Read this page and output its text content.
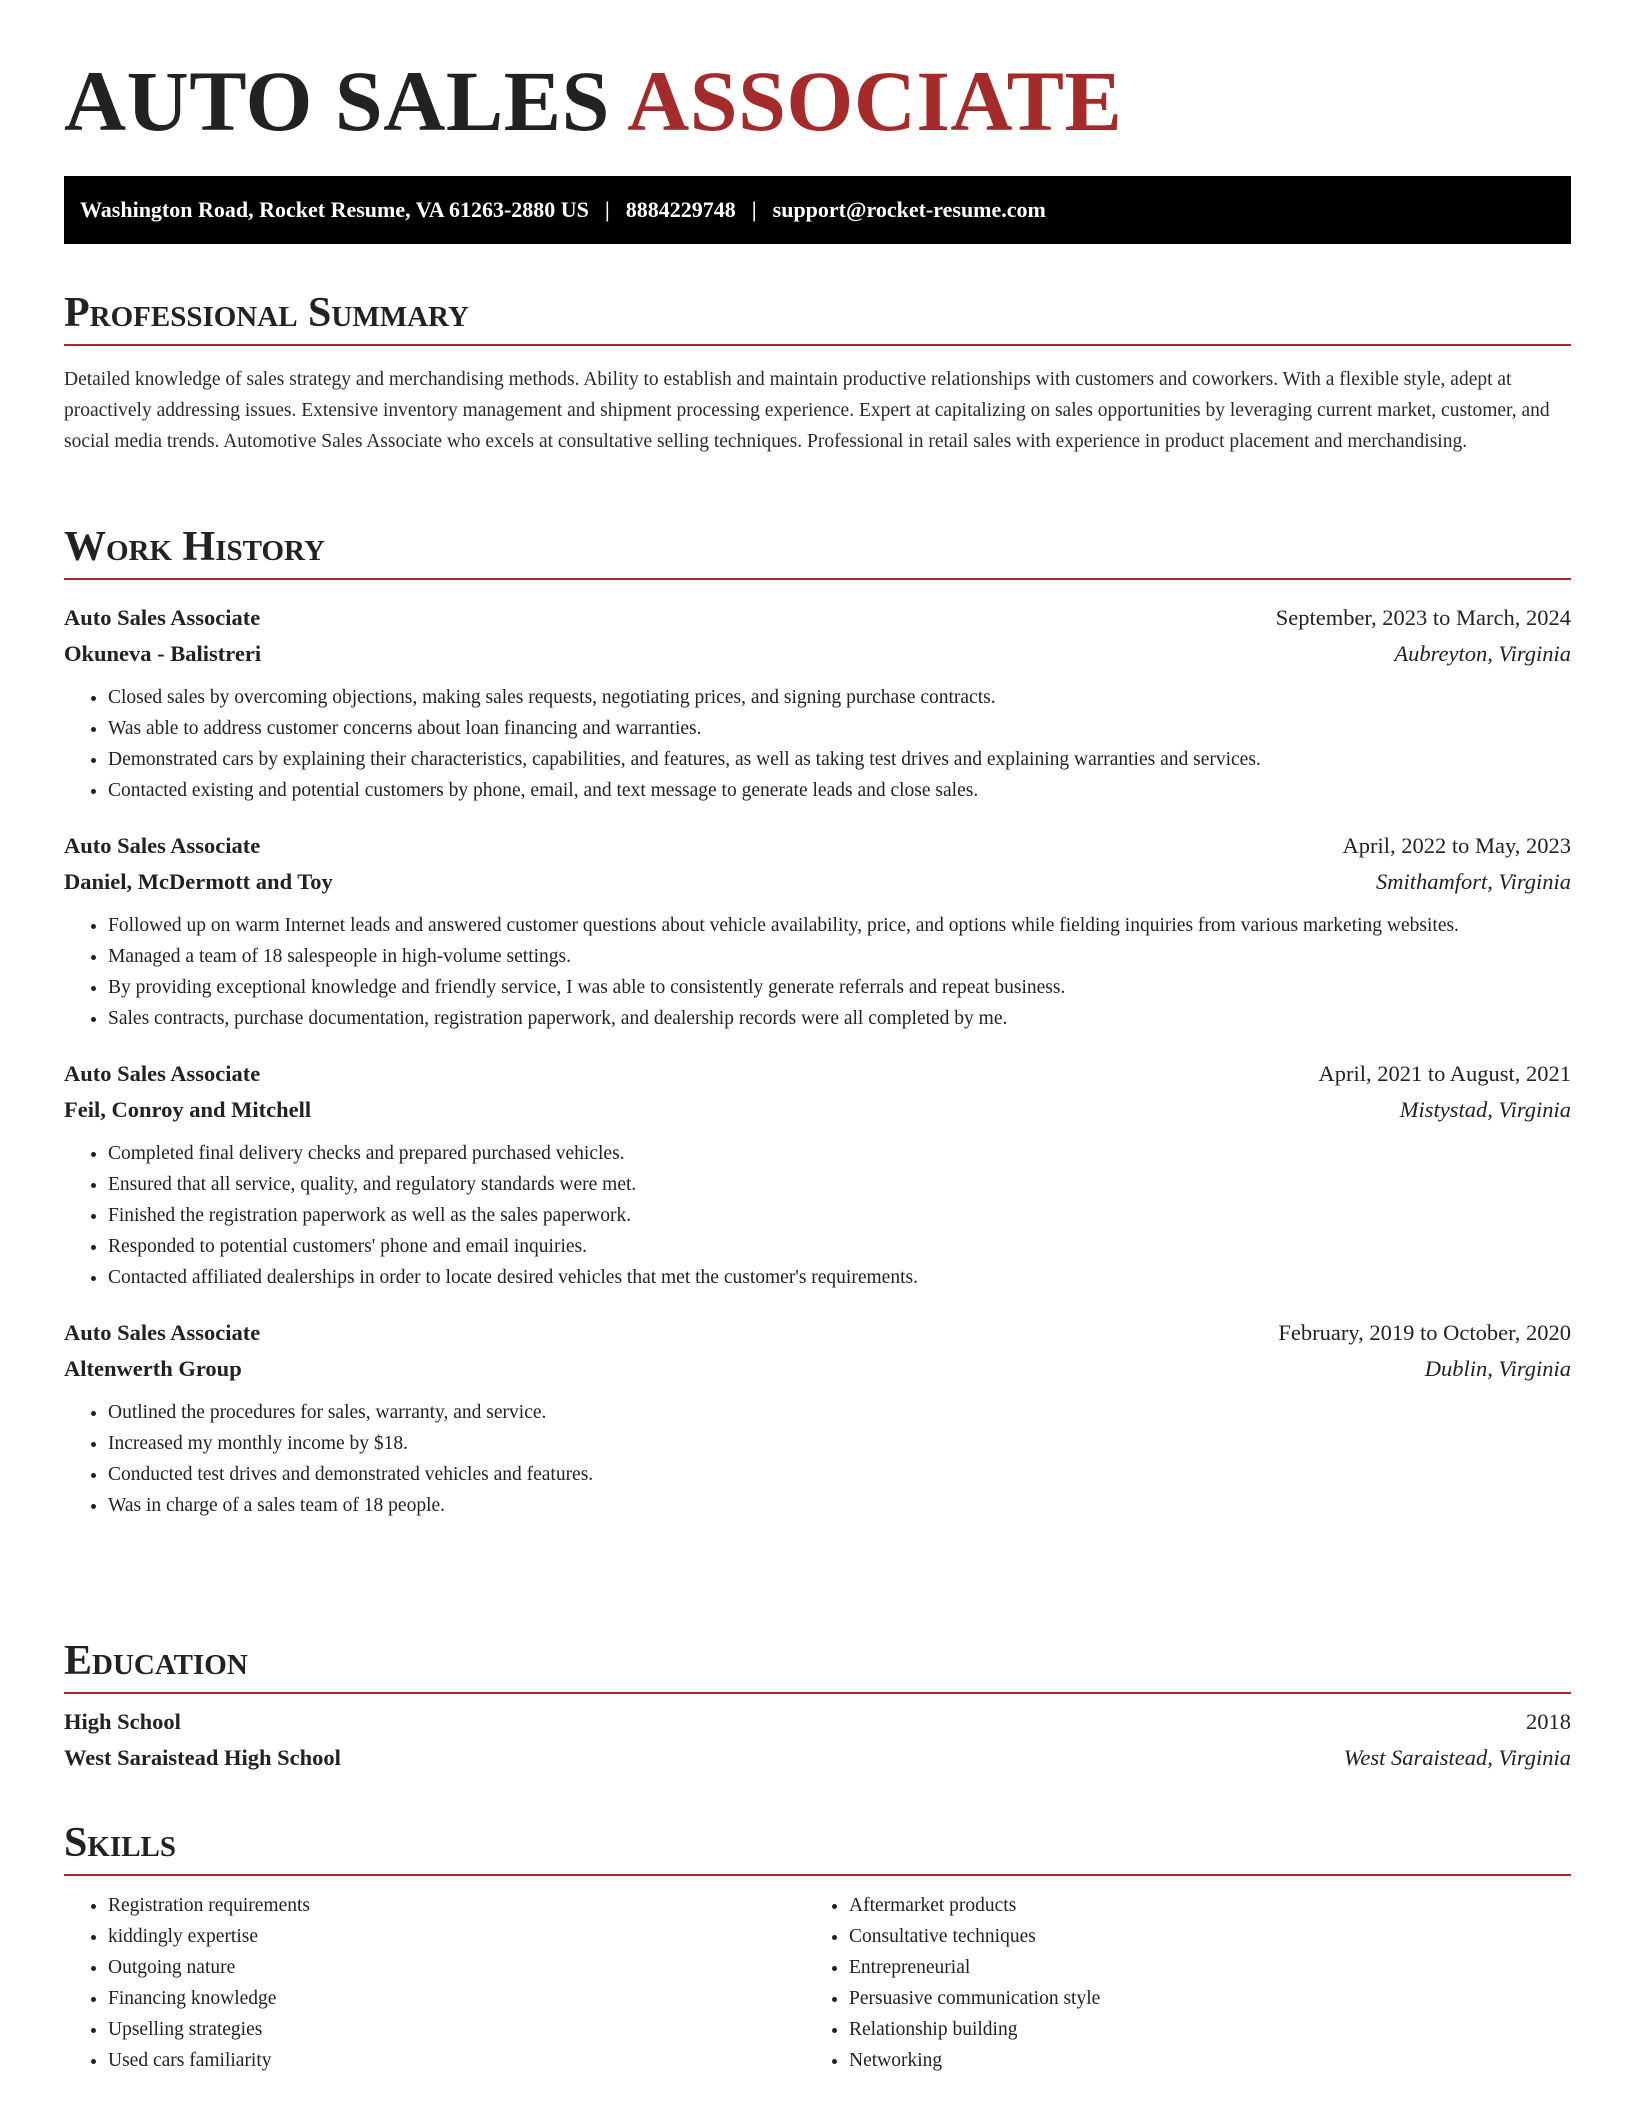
AUTO SALES ASSOCIATE
Washington Road, Rocket Resume, VA 61263-2880 US | 8884229748 | support@rocket-resume.com
Professional Summary

Detailed knowledge of sales strategy and merchandising methods. Ability to establish and maintain productive relationships with customers and coworkers. With a flexible style, adept at proactively addressing issues. Extensive inventory management and shipment processing experience. Expert at capitalizing on sales opportunities by leveraging current market, customer, and social media trends. Automotive Sales Associate who excels at consultative selling techniques. Professional in retail sales with experience in product placement and merchandising.

Work History
Auto Sales Associate	September, 2023 to March, 2024
Okuneva - Balistreri	Aubreyton, Virginia
• Closed sales by overcoming objections, making sales requests, negotiating prices, and signing purchase contracts.
• Was able to address customer concerns about loan financing and warranties.
• Demonstrated cars by explaining their characteristics, capabilities, and features, as well as taking test drives and explaining warranties and services.
• Contacted existing and potential customers by phone, email, and text message to generate leads and close sales.
Auto Sales Associate	April, 2022 to May, 2023
Daniel, McDermott and Toy	Smithamfort, Virginia
• Followed up on warm Internet leads and answered customer questions about vehicle availability, price, and options while fielding inquiries from various marketing websites.
• Managed a team of 18 salespeople in high-volume settings.
• By providing exceptional knowledge and friendly service, I was able to consistently generate referrals and repeat business.
• Sales contracts, purchase documentation, registration paperwork, and dealership records were all completed by me.
Auto Sales Associate	April, 2021 to August, 2021
Feil, Conroy and Mitchell	Mistystad, Virginia
• Completed final delivery checks and prepared purchased vehicles.
• Ensured that all service, quality, and regulatory standards were met.
• Finished the registration paperwork as well as the sales paperwork.
• Responded to potential customers' phone and email inquiries.
• Contacted affiliated dealerships in order to locate desired vehicles that met the customer's requirements.
Auto Sales Associate	February, 2019 to October, 2020
Altenwerth Group	Dublin, Virginia
• Outlined the procedures for sales, warranty, and service.
• Increased my monthly income by $18.
• Conducted test drives and demonstrated vehicles and features.
• Was in charge of a sales team of 18 people.
Education
High School	2018
West Saraistead High School	West Saraistead, Virginia
Skills
• Registration requirements
• kiddingly expertise
• Outgoing nature
• Financing knowledge
• Upselling strategies
• Used cars familiarity
• Aftermarket products
• Consultative techniques
• Entrepreneurial
• Persuasive communication style
• Relationship building
• Networking
